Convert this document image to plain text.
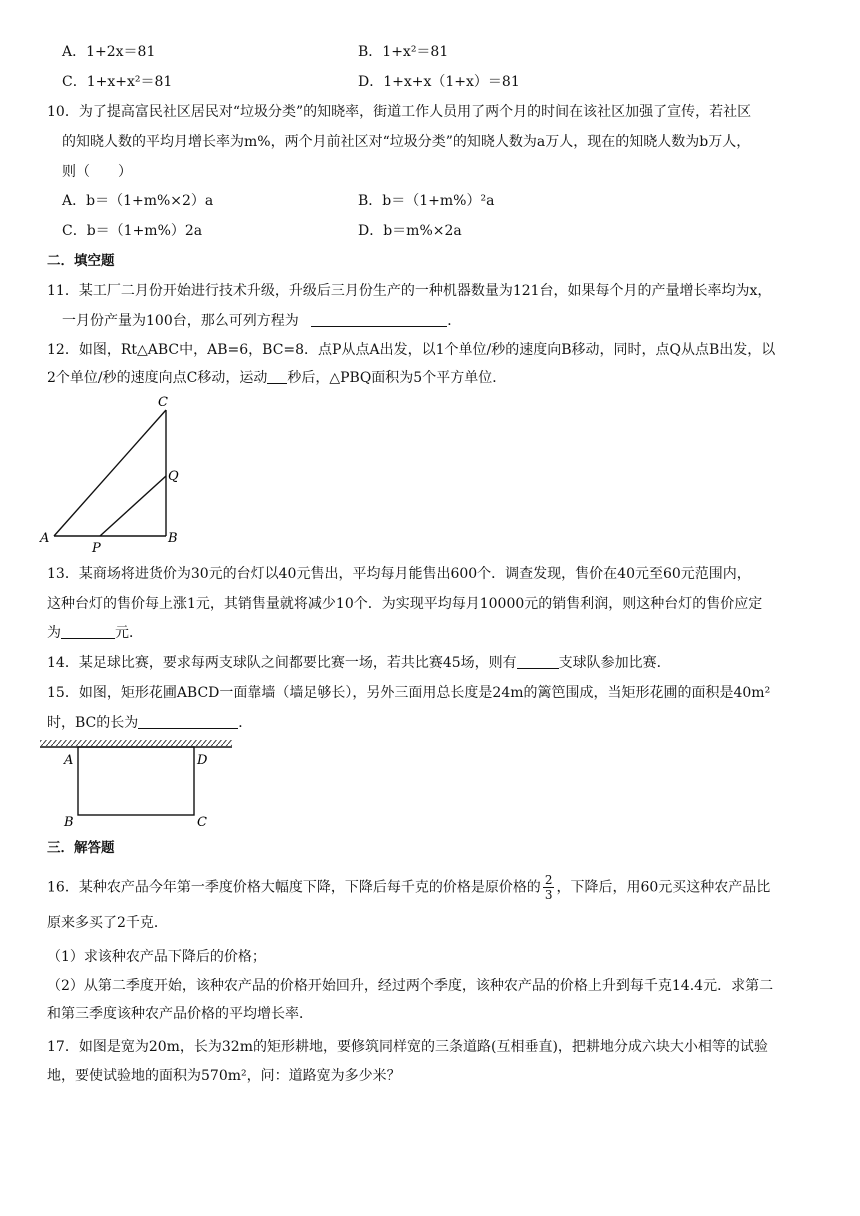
A．1+2x＝81	B．1+x²＝81
C．1+x+x²＝81	D．1+x+x（1+x）＝81
10．为了提高富民社区居民对“垃圾分类”的知晓率，街道工作人员用了两个月的时间在该社区加强了宣传，若社区
的知晓人数的平均月增长率为m%，两个月前社区对“垃圾分类”的知晓人数为a万人，现在的知晓人数为b万人，
则（　　）
A．b＝（1+m%×2）a	B．b＝（1+m%）²a
C．b＝（1+m%）2a	D．b＝m%×2a
二．填空题
11．某工厂二月份开始进行技术升级，升级后三月份生产的一种机器数量为121台，如果每个月的产量增长率均为x，
一月份产量为100台，那么可列方程为	．
12．如图，Rt△ABC中，AB=6，BC=8．点P从点A出发，以1个单位/秒的速度向B移动，同时，点Q从点B出发，以
2个单位/秒的速度向点C移动，运动 秒后，△PBQ面积为5个平方单位．
A	B
C
P
Q
13．某商场将进货价为30元的台灯以40元售出，平均每月能售出600个．调查发现，售价在40元至60元范围内，
这种台灯的售价每上涨1元，其销售量就将减少10个．为实现平均每月10000元的销售利润，则这种台灯的售价应定
为	元．
14．某足球比赛，要求每两支球队之间都要比赛一场，若共比赛45场，则有	支球队参加比赛．
15．如图，矩形花圃ABCD一面靠墙（墙足够长），另外三面用总长度是24m的篱笆围成，当矩形花圃的面积是40m²
时，BC的长为	．
A	D
B	C
三．解答题
16．某种农产品今年第一季度价格大幅度下降，下降后每千克的价格是原价格的 $\frac{2}{3}$ ，下降后，用60元买这种农产品比
原来多买了2千克．
（1）求该种农产品下降后的价格；
（2）从第二季度开始，该种农产品的价格开始回升，经过两个季度，该种农产品的价格上升到每千克14.4元．求第二
和第三季度该种农产品价格的平均增长率．
17．如图是宽为20m，长为32m的矩形耕地，要修筑同样宽的三条道路(互相垂直)，把耕地分成六块大小相等的试验
地，要使试验地的面积为570m²，问：道路宽为多少米？
